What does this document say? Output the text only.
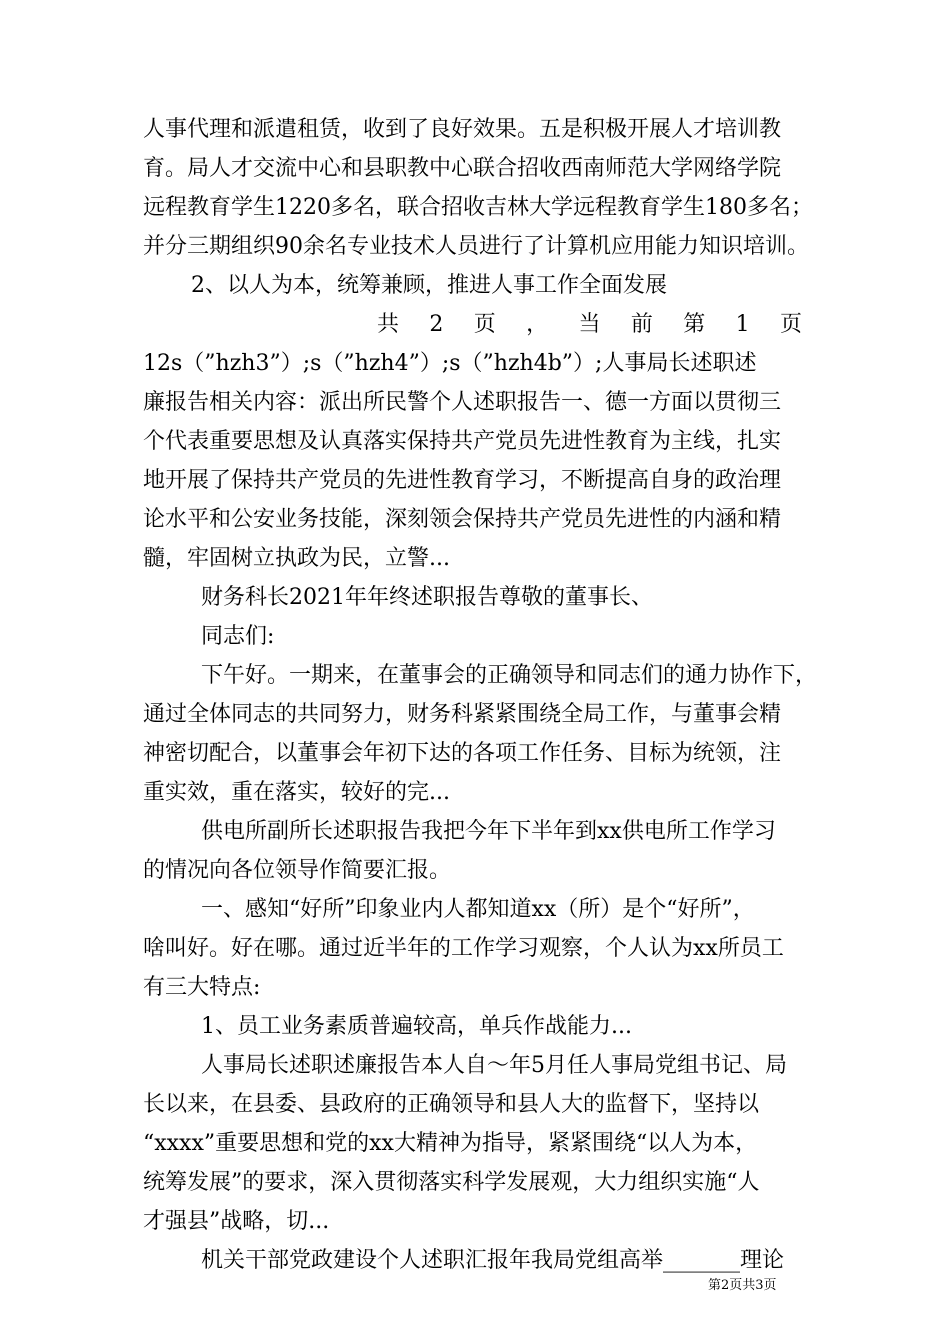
人事代理和派遣租赁，收到了良好效果。五是积极开展人才培训教
育。局人才交流中心和县职教中心联合招收西南师范大学网络学院
远程教育学生1220多名，联合招收吉林大学远程教育学生180多名；
并分三期组织90余名专业技术人员进行了计算机应用能力知识培训。
2、以人为本，统筹兼顾，推进人事工作全面发展
共 2 页 ， 当 前 第 1 页
12s（”hzh3”）;s（”hzh4”）;s（”hzh4b”）;人事局长述职述
廉报告相关内容：派出所民警个人述职报告一、德一方面以贯彻三
个代表重要思想及认真落实保持共产党员先进性教育为主线，扎实
地开展了保持共产党员的先进性教育学习，不断提高自身的政治理
论水平和公安业务技能，深刻领会保持共产党员先进性的内涵和精
髓，牢固树立执政为民，立警...
财务科长2021年年终述职报告尊敬的董事长、
同志们:
下午好。一期来，在董事会的正确领导和同志们的通力协作下，
通过全体同志的共同努力，财务科紧紧围绕全局工作，与董事会精
神密切配合，以董事会年初下达的各项工作任务、目标为统领，注
重实效，重在落实，较好的完...
供电所副所长述职报告我把今年下半年到xx供电所工作学习
的情况向各位领导作简要汇报。
一、感知“好所”印象业内人都知道xx（所）是个“好所”，
啥叫好。好在哪。通过近半年的工作学习观察，个人认为xx所员工
有三大特点:
1、员工业务素质普遍较高，单兵作战能力...
人事局长述职述廉报告本人自～年5月任人事局党组书记、局
长以来，在县委、县政府的正确领导和县人大的监督下，坚持以
“xxxx”重要思想和党的xx大精神为指导，紧紧围绕“以人为本，
统筹发展”的要求，深入贯彻落实科学发展观，大力组织实施“人
才强县”战略，切...
机关干部党政建设个人述职汇报年我局党组高举_______理论
第2页共3页
